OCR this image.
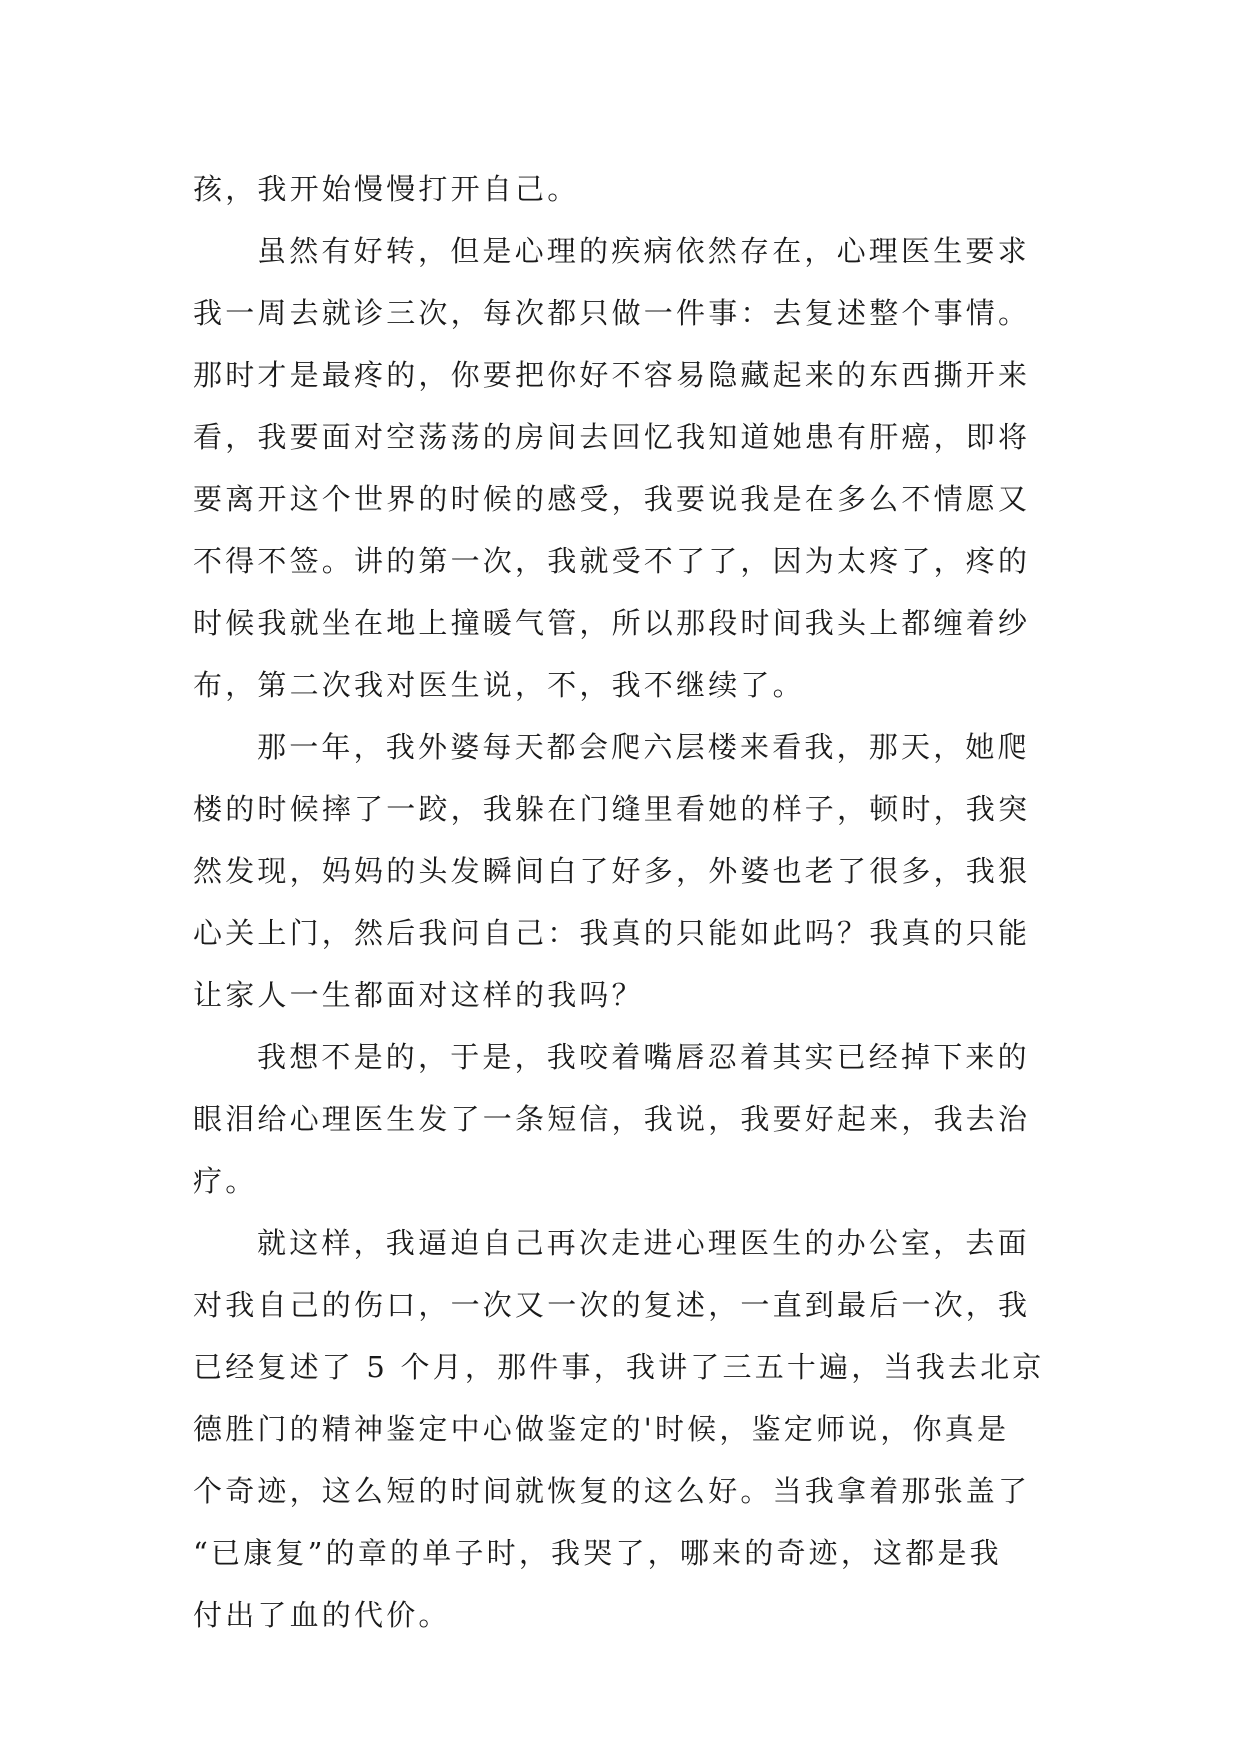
孩，我开始慢慢打开自己。
虽然有好转，但是心理的疾病依然存在，心理医生要求
我一周去就诊三次，每次都只做一件事：去复述整个事情。
那时才是最疼的，你要把你好不容易隐藏起来的东西撕开来
看，我要面对空荡荡的房间去回忆我知道她患有肝癌，即将
要离开这个世界的时候的感受，我要说我是在多么不情愿又
不得不签。讲的第一次，我就受不了了，因为太疼了，疼的
时候我就坐在地上撞暖气管，所以那段时间我头上都缠着纱
布，第二次我对医生说，不，我不继续了。
那一年，我外婆每天都会爬六层楼来看我，那天，她爬
楼的时候摔了一跤，我躲在门缝里看她的样子，顿时，我突
然发现，妈妈的头发瞬间白了好多，外婆也老了很多，我狠
心关上门，然后我问自己：我真的只能如此吗？我真的只能
让家人一生都面对这样的我吗？
我想不是的，于是，我咬着嘴唇忍着其实已经掉下来的
眼泪给心理医生发了一条短信，我说，我要好起来，我去治
疗。
就这样，我逼迫自己再次走进心理医生的办公室，去面
对我自己的伤口，一次又一次的复述，一直到最后一次，我
已经复述了 5 个月，那件事，我讲了三五十遍，当我去北京
德胜门的精神鉴定中心做鉴定的'时候，鉴定师说，你真是
个奇迹，这么短的时间就恢复的这么好。当我拿着那张盖了
“已康复”的章的单子时，我哭了，哪来的奇迹，这都是我
付出了血的代价。
